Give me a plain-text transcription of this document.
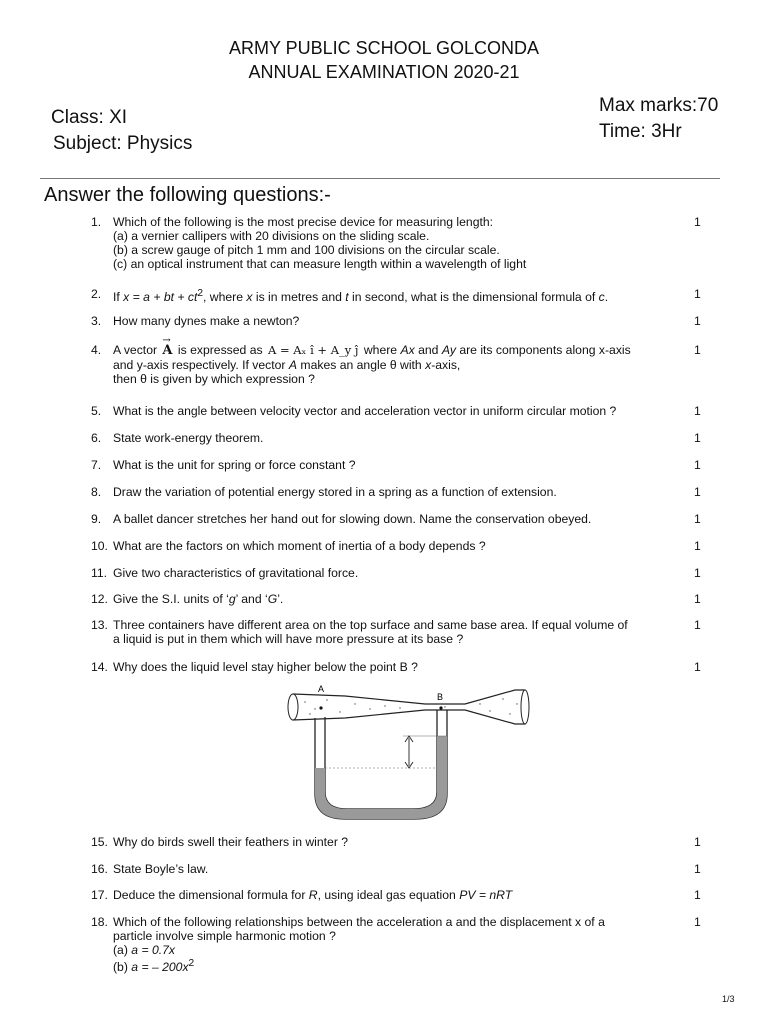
ARMY PUBLIC SCHOOL GOLCONDA
ANNUAL EXAMINATION 2020-21
Class: XI
Subject: Physics
Max marks:70
Time: 3Hr
Answer the following questions:-
1. Which of the following is the most precise device for measuring length:
(a) a vernier callipers with 20 divisions on the sliding scale.
(b) a screw gauge of pitch 1 mm and 100 divisions on the circular scale.
(c) an optical instrument that can measure length within a wavelength of light
1
2. If x = a + bt + $ct^2$, where x is in metres and t in second, what is the dimensional formula of c.	1
3. How many dynes make a newton?	1
4. A vector → A is expressed as A = Aₓ î + A_y ĵ where Ax and Ay are its components along x-axis
and y-axis respectively. If vector A makes an angle θ with x-axis,
then θ is given by which expression ?
1
5. What is the angle between velocity vector and acceleration vector in uniform circular motion ?	1
6. State work-energy theorem.	1
7. What is the unit for spring or force constant ?	1
8. Draw the variation of potential energy stored in a spring as a function of extension.	1
9. A ballet dancer stretches her hand out for slowing down. Name the conservation obeyed.	1
10. What are the factors on which moment of inertia of a body depends ?	1
11. Give two characteristics of gravitational force.	1
12. Give the S.I. units of ‘g’ and ‘G’.	1
13. Three containers have different area on the top surface and same base area. If equal volume of
a liquid is put in them which will have more pressure at its base ?
1
14. Why does the liquid level stay higher below the point B ?	1
A
B
15. Why do birds swell their feathers in winter ?	1
16. State Boyle’s law.	1
17. Deduce the dimensional formula for R, using ideal gas equation PV = nRT	1
18. Which of the following relationships between the acceleration a and the displacement x of a
particle involve simple harmonic motion ?
(a) a = 0.7x
(b) a = – $200x^2$
1
1/3
